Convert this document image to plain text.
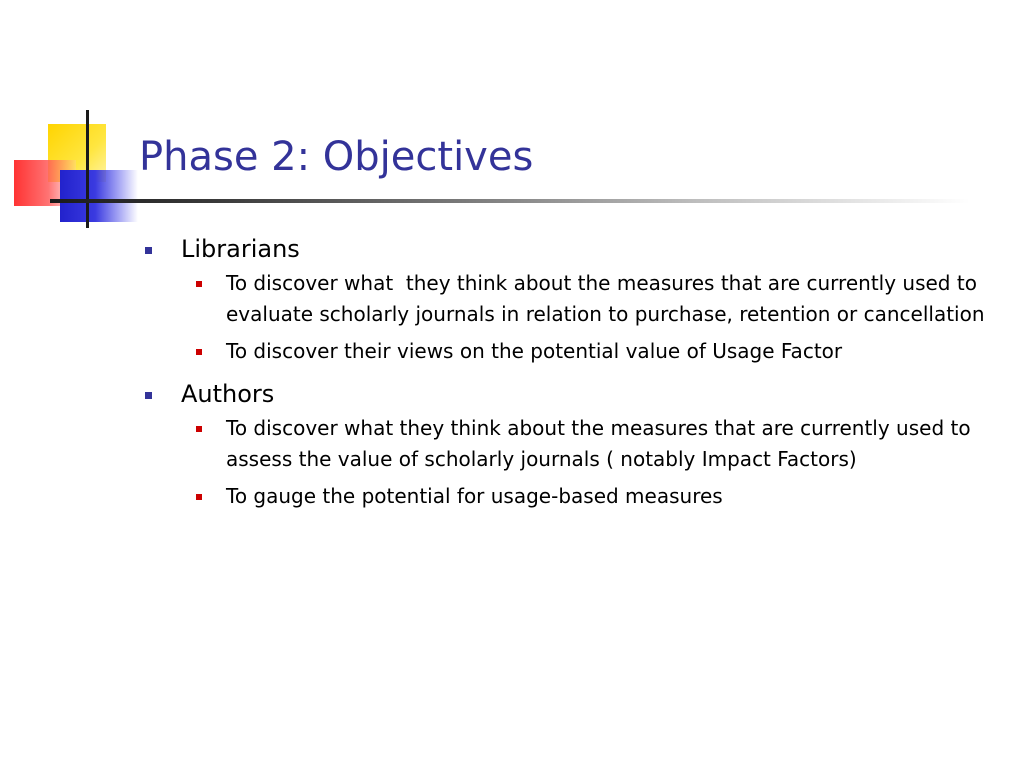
Phase 2: Objectives
Librarians
To discover what  they think about the measures that are currently used to evaluate scholarly journals in relation to purchase, retention or cancellation
To discover their views on the potential value of Usage Factor
Authors
To discover what they think about the measures that are currently used to assess the value of scholarly journals ( notably Impact Factors)
To gauge the potential for usage-based measures
